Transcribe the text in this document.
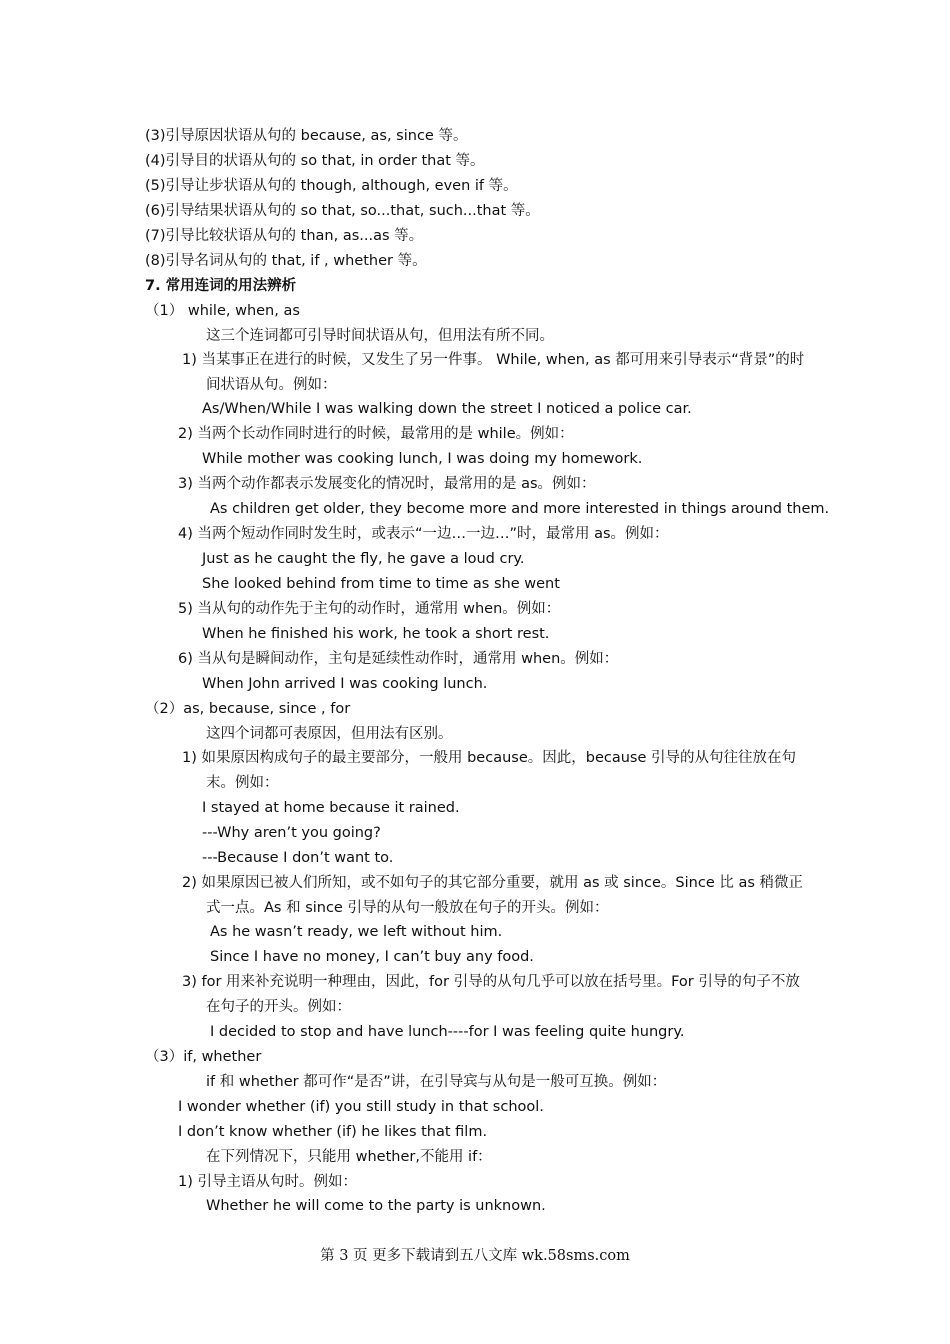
(3)引导原因状语从句的 because, as, since 等。
(4)引导目的状语从句的 so that, in order that 等。
(5)引导让步状语从句的 though, although, even if 等。
(6)引导结果状语从句的 so that, so...that, such...that 等。
(7)引导比较状语从句的 than, as...as 等。
(8)引导名词从句的 that, if , whether 等。
7. 常用连词的用法辨析
（1） while, when, as
这三个连词都可引导时间状语从句，但用法有所不同。
1) 当某事正在进行的时候，又发生了另一件事。 While, when, as 都可用来引导表示“背景”的时间状语从句。例如：
As/When/While I was walking down the street I noticed a police car.
2) 当两个长动作同时进行的时候，最常用的是 while。例如：
While mother was cooking lunch, I was doing my homework.
3) 当两个动作都表示发展变化的情况时，最常用的是 as。例如：
As children get older, they become more and more interested in things around them.
4) 当两个短动作同时发生时，或表示“一边…一边…”时，最常用 as。例如：
Just as he caught the fly, he gave a loud cry.
She looked behind from time to time as she went
5) 当从句的动作先于主句的动作时，通常用 when。例如：
When he finished his work, he took a short rest.
6) 当从句是瞬间动作，主句是延续性动作时，通常用 when。例如：
When John arrived I was cooking lunch.
（2）as, because, since , for
这四个词都可表原因，但用法有区别。
1) 如果原因构成句子的最主要部分，一般用 because。因此，because 引导的从句往往放在句末。例如：
I stayed at home because it rained.
---Why aren’t you going?
---Because I don’t want to.
2) 如果原因已被人们所知，或不如句子的其它部分重要，就用 as 或 since。Since 比 as 稍微正式一点。As 和 since 引导的从句一般放在句子的开头。例如：
As he wasn’t ready, we left without him.
Since I have no money, I can’t buy any food.
3) for 用来补充说明一种理由，因此，for 引导的从句几乎可以放在括号里。For 引导的句子不放在句子的开头。例如：
I decided to stop and have lunch----for I was feeling quite hungry.
（3）if, whether
if 和 whether 都可作“是否”讲，在引导宾与从句是一般可互换。例如：
I wonder whether (if) you still study in that school.
I don’t know whether (if) he likes that film.
在下列情况下，只能用 whether,不能用 if：
1) 引导主语从句时。例如：
Whether he will come to the party is unknown.
第 3 页 更多下载请到五八文库 wk.58sms.com
